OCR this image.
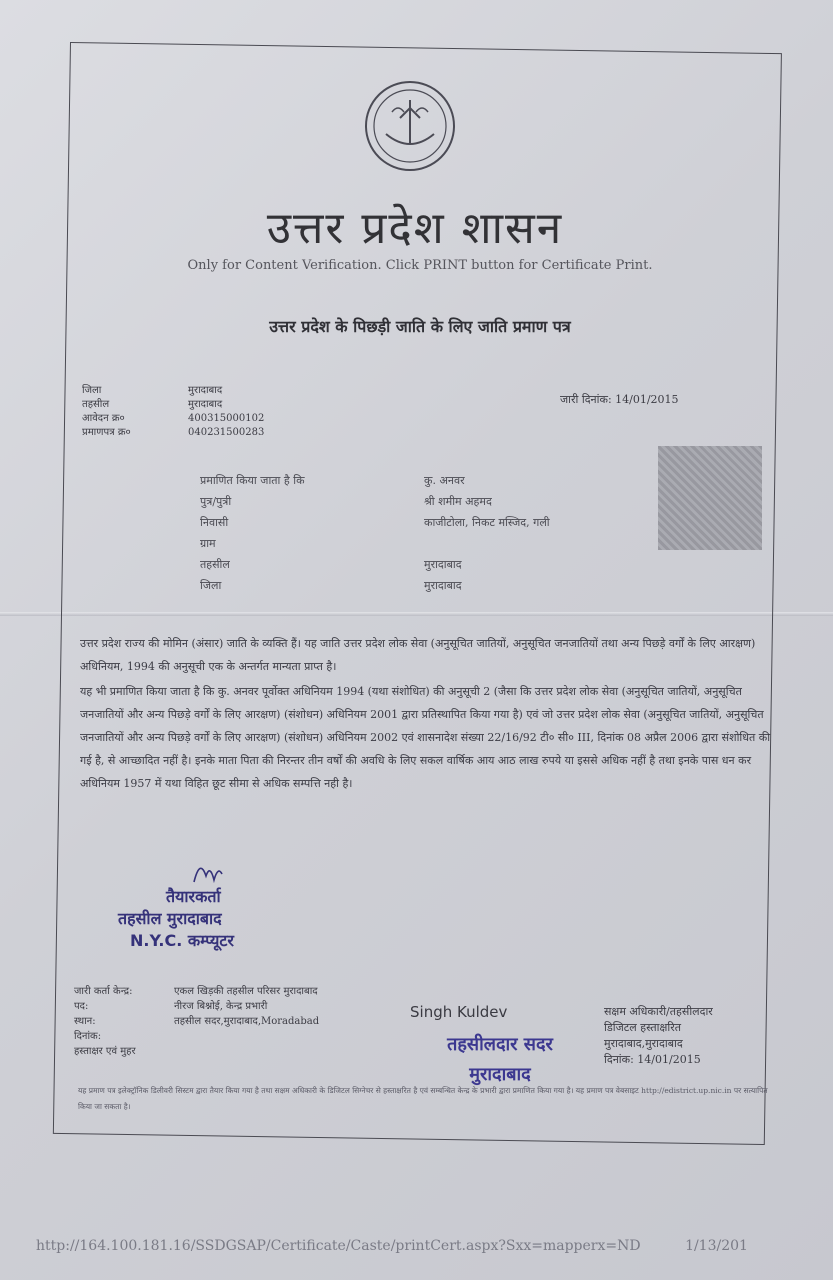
उत्तर प्रदेश शासन
Only for Content Verification. Click PRINT button for Certificate Print.
उत्तर प्रदेश के पिछड़ी जाति के लिए जाति प्रमाण पत्र
जिला	मुरादाबाद
तहसील	मुरादाबाद
आवेदन क्र०	400315000102
प्रमाणपत्र क्र०	040231500283
जारी दिनांक: 14/01/2015
प्रमाणित किया जाता है कि	कु. अनवर
पुत्र/पुत्री	श्री शमीम अहमद
निवासी	काजीटोला, निकट मस्जिद, गली
ग्राम
तहसील	मुरादाबाद
जिला	मुरादाबाद

उत्तर प्रदेश राज्य की मोमिन (अंसार) जाति के व्यक्ति हैं। यह जाति उत्तर प्रदेश लोक सेवा (अनुसूचित जातियों, अनुसूचित जनजातियों तथा अन्य पिछड़े वर्गों के लिए आरक्षण) अधिनियम, 1994 की अनुसूची एक के अन्तर्गत मान्यता प्राप्त है।

यह भी प्रमाणित किया जाता है कि कु. अनवर पूर्वोक्त अधिनियम 1994 (यथा संशोधित) की अनुसूची 2 (जैसा कि उत्तर प्रदेश लोक सेवा (अनुसूचित जातियों, अनुसूचित जनजातियों और अन्य पिछड़े वर्गों के लिए आरक्षण) (संशोधन) अधिनियम 2001 द्वारा प्रतिस्थापित किया गया है) एवं जो उत्तर प्रदेश लोक सेवा (अनुसूचित जातियों, अनुसूचित जनजातियों और अन्य पिछड़े वर्गों के लिए आरक्षण) (संशोधन) अधिनियम 2002 एवं शासनादेश संख्या 22/16/92 टी० सी० III, दिनांक 08 अप्रैल 2006 द्वारा संशोधित की गई है, से आच्छादित नहीं है। इनके माता पिता की निरन्तर तीन वर्षों की अवधि के लिए सकल वार्षिक आय आठ लाख रुपये या इससे अधिक नहीं है तथा इनके पास धन कर अधिनियम 1957 में यथा विहित छूट सीमा से अधिक सम्पत्ति नही है।

तैयारकर्ता
तहसील मुरादाबाद
N.Y.C. कम्प्यूटर
जारी कर्ता केन्द्र:	एकल खिड़की तहसील परिसर मुरादाबाद
पद:	नीरज बिश्नोई, केन्द्र प्रभारी
स्थान:	तहसील सदर,मुरादाबाद,Moradabad
दिनांक:
हस्ताक्षर एवं मुहर
Singh Kuldev
तहसीलदार सदर
मुरादाबाद
सक्षम अधिकारी/तहसीलदार
डिजिटल हस्ताक्षरित
मुरादाबाद,मुरादाबाद
दिनांक: 14/01/2015
यह प्रमाण पत्र इलेक्ट्रॉनिक डिलीवरी सिस्टम द्वारा तैयार किया गया है तथा सक्षम अधिकारी के डिजिटल सिग्नेचर से हस्ताक्षरित है एवं सम्बन्धित केन्द्र के प्रभारी द्वारा प्रमाणित किया गया है। यह प्रमाण पत्र वेबसाइट http://edistrict.up.nic.in पर सत्यापित किया जा सकता है।
http://164.100.181.16/SSDGSAP/Certificate/Caste/printCert.aspx?Sxx=mapperx=ND	1/13/201
